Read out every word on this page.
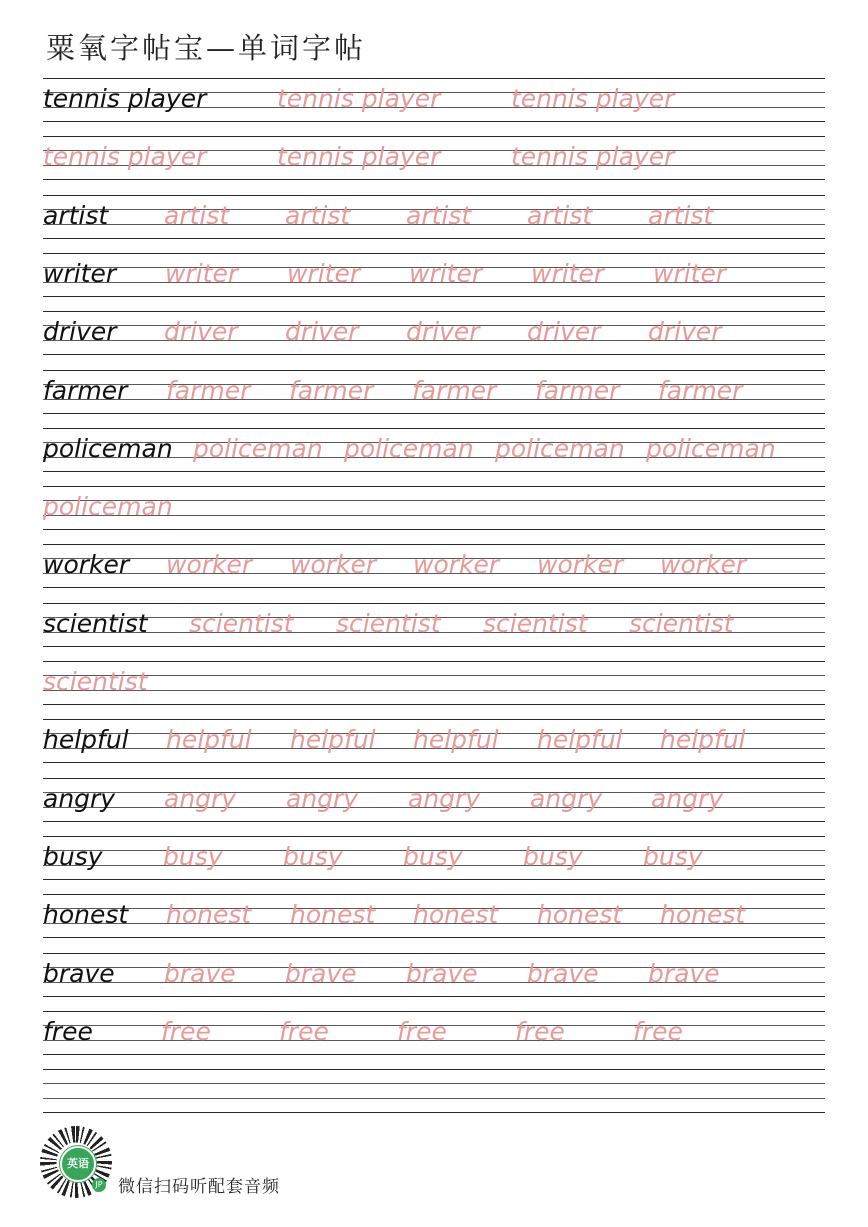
粟氧字帖宝—单词字帖
tennis player	tennis player	tennis player
tennis player	tennis player	tennis player
artist artist artist artist artist artist
writer writer writer writer writer writer
driver driver driver driver driver driver
farmer farmer farmer farmer farmer farmer
policeman policeman policeman policeman policeman
policeman
worker worker worker worker worker worker
scientist scientist scientist scientist scientist
scientist
helpful helpful helpful helpful helpful helpful
angry angry angry angry angry angry
busy busy busy busy busy busy
honest honest honest honest honest honest
brave brave brave brave brave brave
free	free	free	free	free	free
英语
JP 微信扫码听配套音频
